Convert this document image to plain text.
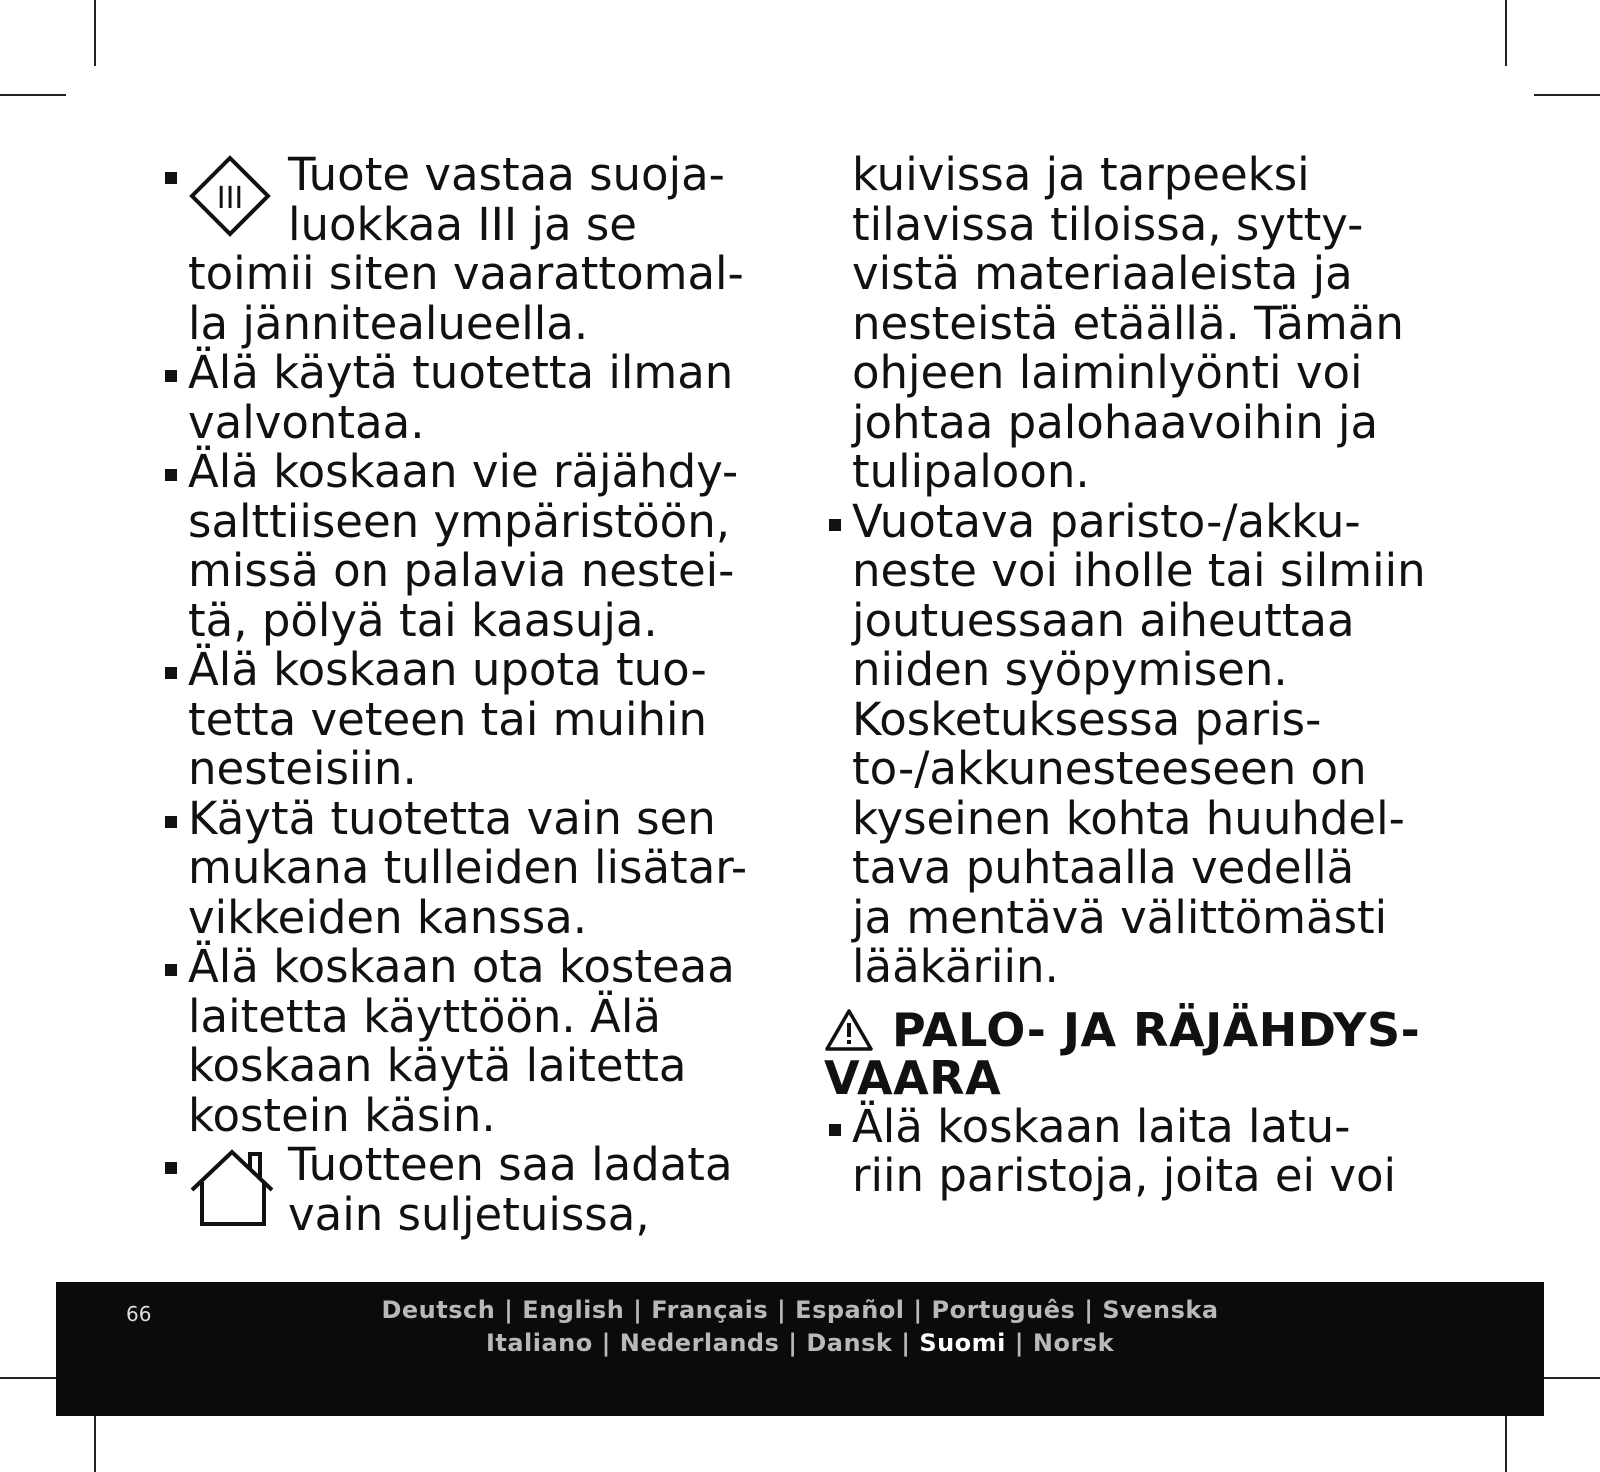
III Tuote vastaa suoja-
luokkaa III ja se
toimii siten vaarattomal-
la jännitealueella.
Älä käytä tuotetta ilman
valvontaa.
Älä koskaan vie räjähdy-
salttiiseen ympäristöön,
missä on palavia nestei-
tä, pölyä tai kaasuja.
Älä koskaan upota tuo-
tetta veteen tai muihin
nesteisiin.
Käytä tuotetta vain sen
mukana tulleiden lisätar-
vikkeiden kanssa.
Älä koskaan ota kosteaa
laitetta käyttöön. Älä
koskaan käytä laitetta
kostein käsin.
Tuotteen saa ladata
vain suljetuissa,
kuivissa ja tarpeeksi
tilavissa tiloissa, sytty-
vistä materiaaleista ja
nesteistä etäällä. Tämän
ohjeen laiminlyönti voi
johtaa palohaavoihin ja
tulipaloon.
Vuotava paristo-/akku-
neste voi iholle tai silmiin
joutuessaan aiheuttaa
niiden syöpymisen.
Kosketuksessa paris-
to-/akkunesteeseen on
kyseinen kohta huuhdel-
tava puhtaalla vedellä
ja mentävä välittömästi
lääkäriin.
PALO- JA RÄJÄHDYS-
VAARA
Älä koskaan laita latu-
riin paristoja, joita ei voi
66	Deutsch | English | Français | Español | Português | Svenska
Italiano | Nederlands | Dansk | Suomi | Norsk
